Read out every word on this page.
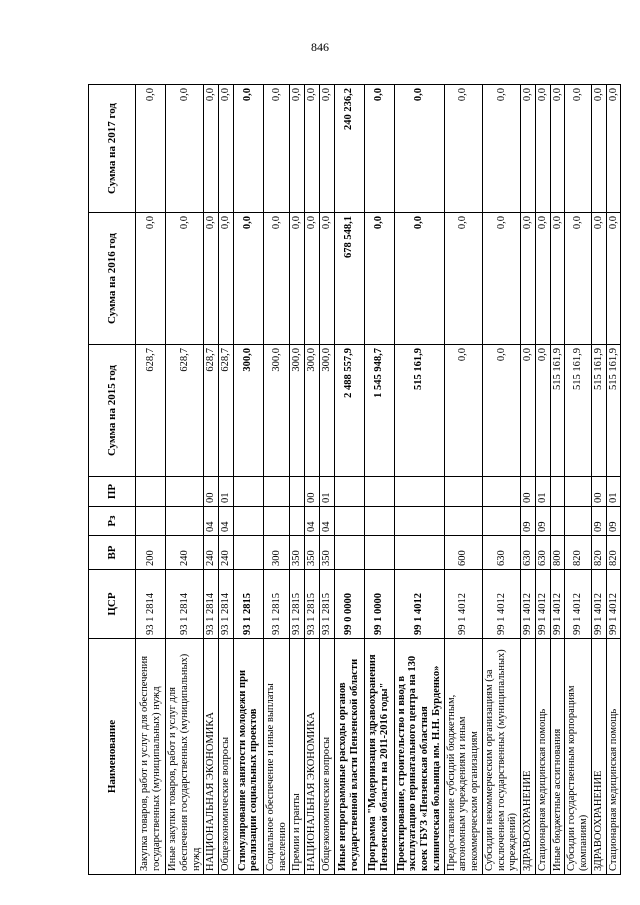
846
Наименование	ЦСР	ВР	Рз	ПР	Сумма на 2015 год	Сумма на 2016 год	Сумма на 2017 год
Закупка товаров, работ и услуг для обеспечения государственных (муниципальных) нужд	93 1 2814	200			628,7	0,0	0,0
Иные закупки товаров, работ и услуг для обеспечения государственных (муниципальных) нужд	93 1 2814	240			628,7	0,0	0,0
НАЦИОНАЛЬНАЯ ЭКОНОМИКА	93 1 2814	240	04	00	628,7	0,0	0,0
Общеэкономические вопросы	93 1 2814	240	04	01	628,7	0,0	0,0
Стимулирование занятости молодежи при реализации социальных проектов	93 1 2815				300,0	0,0	0,0
Социальное обеспечение и иные выплаты населению	93 1 2815	300			300,0	0,0	0,0
Премии и гранты	93 1 2815	350			300,0	0,0	0,0
НАЦИОНАЛЬНАЯ ЭКОНОМИКА	93 1 2815	350	04	00	300,0	0,0	0,0
Общеэкономические вопросы	93 1 2815	350	04	01	300,0	0,0	0,0
Иные непрограммные расходы органов государственной власти Пензенской области	99 0 0000				2 488 557,9	678 548,1	240 236,2
Программа "Модернизация здравоохранения Пензенской области на 2011-2016 годы"	99 1 0000				1 545 948,7	0,0	0,0
Проектирование, строительство и ввод в эксплуатацию перинатального центра на 130 коек ГБУЗ «Пензенская областная клиническая больница им. Н.Н. Бурденко»	99 1 4012				515 161,9	0,0	0,0
Предоставление субсидий бюджетным, автономным учреждениям и иным некоммерческим организациям	99 1 4012	600			0,0	0,0	0,0
Субсидии некоммерческим организациям (за исключением государственных (муниципальных) учреждений)	99 1 4012	630			0,0	0,0	0,0
ЗДРАВООХРАНЕНИЕ	99 1 4012	630	09	00	0,0	0,0	0,0
Стационарная медицинская помощь	99 1 4012	630	09	01	0,0	0,0	0,0
Иные бюджетные ассигнования	99 1 4012	800			515 161,9	0,0	0,0
Субсидии государственным корпорациям (компаниям)	99 1 4012	820			515 161,9	0,0	0,0
ЗДРАВООХРАНЕНИЕ	99 1 4012	820	09	00	515 161,9	0,0	0,0
Стационарная медицинская помощь	99 1 4012	820	09	01	515 161,9	0,0	0,0
